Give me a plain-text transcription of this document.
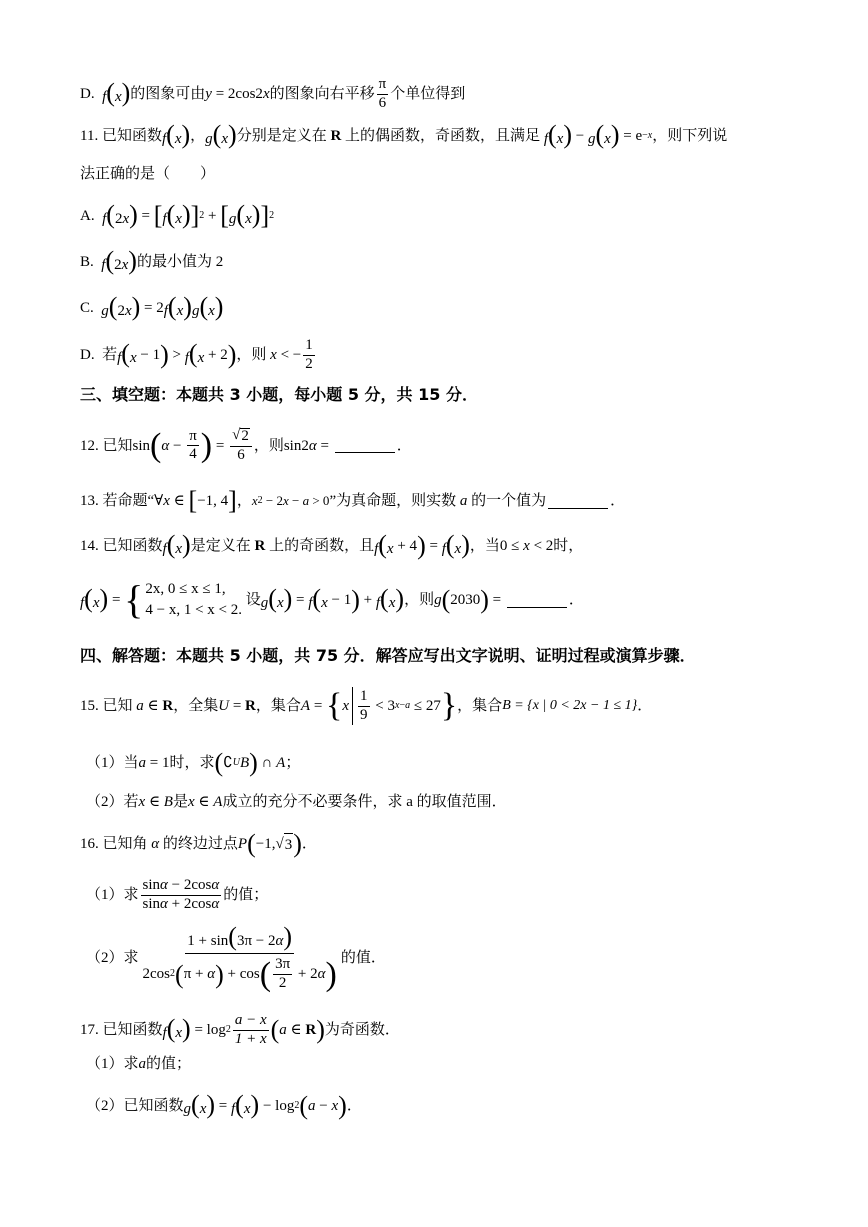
D.
f(x) 的图象可由 y = 2cos2 x 的图象向右平移 $\frac{\pi}{6}$ 个单位得到
11.
已知函数 f(x) ， g(x) 分别是定义在 R 上的偶函数，奇函数，且满足 f(x) − g(x) = e −x ，则下列说
法正确的是（　　）
A.
f(2x) = [ f(x) ] 2 + [ g(x) ] 2
B.
f(2x) 的最小值为 2
C.
g(2x) = 2 f(x)g(x)
D.
若 f(x − 1 ) > f(x + 2 ) ，则 x < − $\frac{1}{2}$
三、填空题：本题共 3 小题，每小题 5 分，共 15 分．
12.
已知 sin ( $\alpha - \frac{\pi}{4}$ ) = $\frac{√ 2}{6}$ ，则 sin2 α =	．
13.
若命题“ ∀ x ∈ [ −1, 4 ] ， x 2 − 2 x − a > 0 ”为真命题，则实数 a 的一个值为	．
14.
已知函数 f(x) 是定义在 R 上的奇函数，且 f(x + 4 ) = f(x) ，当 0 ≤ x < 2 时，
f(x) = { 2x, 0 ≤ x ≤ 1,
4 − x, 1 < x < 2.

设 g(x) = f(x − 1 ) + f(x) ，则 g ( 2030 ) =	．
四、解答题：本题共 5 小题，共 75 分．解答应写出文字说明、证明过程或演算步骤．
15.
已知 a ∈ R ，全集 U = R ，集合 A = { x $\frac{1}{9} < 3$ x−a ≤ 27 } ，集合 B = {x | 0 < 2x − 1 ≤ 1} ．
（1）当 a = 1 时，求 ( ∁ U B ) ∩ A ；
（2）若 x ∈ B 是 x ∈ A 成立的充分不必要条件，求 a 的取值范围．
16.
已知角 α 的终边过点 P ( −1, √ 3 ) ．
（1）求 $\frac{\sin\alpha - 2\cos\alpha}{\sin\alpha + 2\cos\alpha}$ 的值；
（2）求 $\frac{1 + \sin(3\pi - 2\alpha)}{2\cos 2 ( \pi + \alpha ) + \cos ( \frac{3\pi}{2} + 2 \alpha )}$ 的值．
17.
已知函数 $f(x) = \log 2 \frac{a - x}{1 + x}$ ( a ∈ R ) 为奇函数．
（1）求 a 的值；
（2）已知函数 g(x) = f(x) − log 2 ( a − x ) ．
